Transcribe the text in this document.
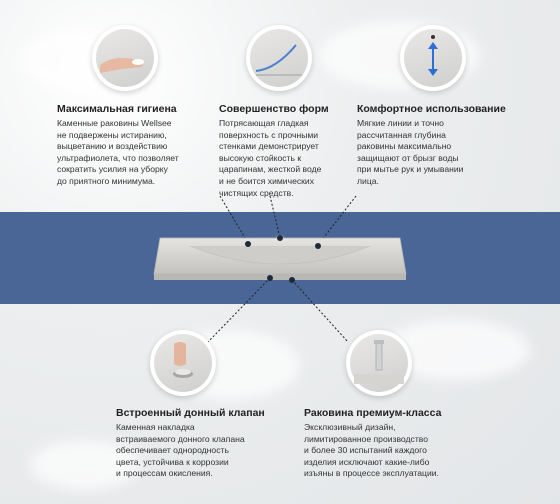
Максимальная гигиена
Каменные раковины Wellsee
не подвержены истиранию,
выцветанию и воздействию
ультрафиолета, что позволяет
сократить усилия на уборку
до приятного минимума.
Совершенство форм
Потрясающая гладкая
поверхность с прочными
стенками демонстрирует
высокую стойкость к
царапинам, жесткой воде
и не боится химических
чистящих средств.
Комфортное использование
Мягкие линии и точно
рассчитанная глубина
раковины максимально
защищают от брызг воды
при мытье рук и умывании
лица.
Встроенный донный клапан
Каменная накладка
встраиваемого донного клапана
обеспечивает однородность
цвета, устойчива к коррозии
и процессам окисления.
Раковина премиум-класса
Эксклюзивный дизайн,
лимитированное производство
и более 30 испытаний каждого
изделия исключают какие-либо
изъяны в процессе эксплуатации.
